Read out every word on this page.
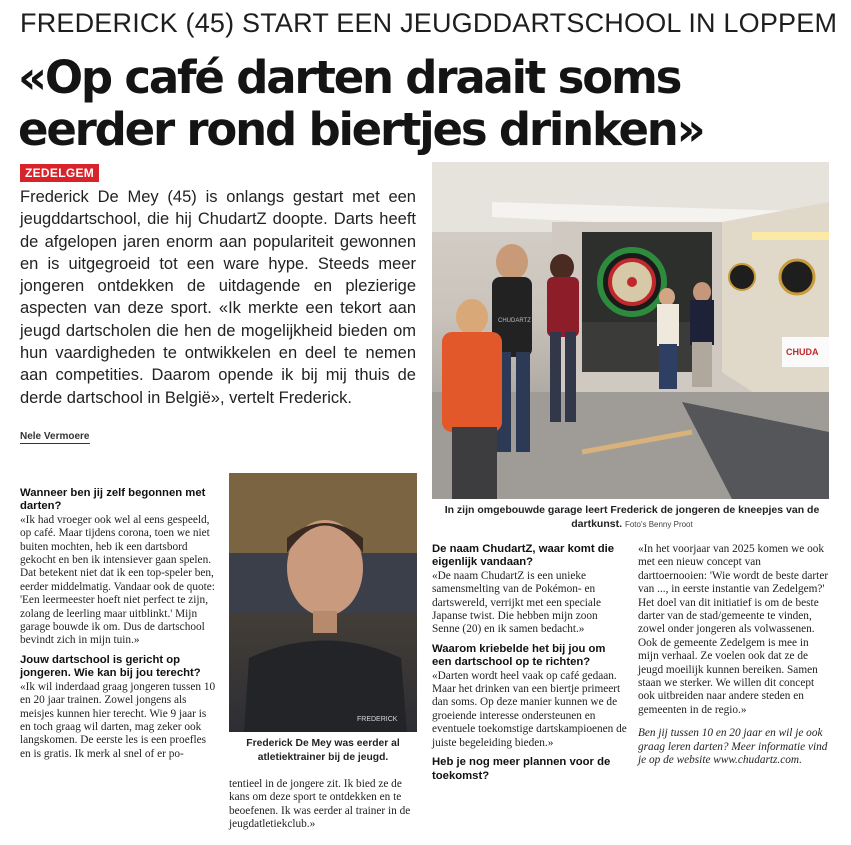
FREDERICK (45) START EEN JEUGDDARTSCHOOL IN LOPPEM
«Op café darten draait soms
eerder rond biertjes drinken»
ZEDELGEM

Frederick De Mey (45) is onlangs gestart met een jeugddartschool, die hij ChudartZ doopte. Darts heeft de afgelopen jaren enorm aan populariteit gewonnen en is uitgegroeid tot een ware hype. Steeds meer jongeren ontdekken de uitdagende en plezierige aspecten van deze sport. «Ik merkte een tekort aan jeugd dartscholen die hen de mogelijkheid bieden om hun vaardigheden te ontwikkelen en deel te nemen aan competities. Daarom opende ik bij mij thuis de derde dartschool in België», vertelt Frederick.

Nele Vermoere
CHUDA
CHUDARTZ
In zijn omgebouwde garage leert Frederick de jongeren de kneepjes van de dartkunst. Foto's Benny Proot
FREDERICK
Frederick De Mey was eerder al atletiektrainer bij de jeugd.
Wanneer ben jij zelf begonnen met darten?

«Ik had vroeger ook wel al eens gespeeld, op café. Maar tijdens corona, toen we niet buiten mochten, heb ik een dartsbord gekocht en ben ik intensiever gaan spelen. Dat betekent niet dat ik een top-speler ben, eerder middelmatig. Vandaar ook de quote: 'Een leermeester hoeft niet perfect te zijn, zolang de leerling maar uitblinkt.' Mijn garage bouwde ik om. Dus de dartschool bevindt zich in mijn tuin.»

Jouw dartschool is gericht op jongeren. Wie kan bij jou terecht?

«Ik wil inderdaad graag jongeren tussen 10 en 20 jaar trainen. Zowel jongens als meisjes kunnen hier terecht. Wie 9 jaar is en toch graag wil darten, mag zeker ook langskomen. De eerste les is een proefles en is gratis. Ik merk al snel of er po-

tentieel in de jongere zit. Ik bied ze de kans om deze sport te ontdekken en te beoefenen. Ik was eerder al trainer in de jeugdatletiekclub.»

De naam ChudartZ, waar komt die eigenlijk vandaan?

«De naam ChudartZ is een unieke samensmelting van de Pokémon- en dartswereld, verrijkt met een speciale Japanse twist. Die hebben mijn zoon Senne (20) en ik samen bedacht.»

Waarom kriebelde het bij jou om een dartschool op te richten?

«Darten wordt heel vaak op café gedaan. Maar het drinken van een biertje primeert dan soms. Op deze manier kunnen we de groeiende interesse ondersteunen en eventuele toekomstige dartskampioenen de juiste begeleiding bieden.»

Heb je nog meer plannen voor de toekomst?

«In het voorjaar van 2025 komen we ook met een nieuw concept van darttoernooien: 'Wie wordt de beste darter van ..., in eerste instantie van Zedelgem?' Het doel van dit initiatief is om de beste darter van de stad/gemeente te vinden, zowel onder jongeren als volwassenen. Ook de gemeente Zedelgem is mee in mijn verhaal. Ze voelen ook dat ze de jeugd moeilijk kunnen bereiken. Samen staan we sterker. We willen dit concept ook uitbreiden naar andere steden en gemeenten in de regio.»

Ben jij tussen 10 en 20 jaar en wil je ook graag leren darten? Meer informatie vind je op de website www.chudartz.com.
